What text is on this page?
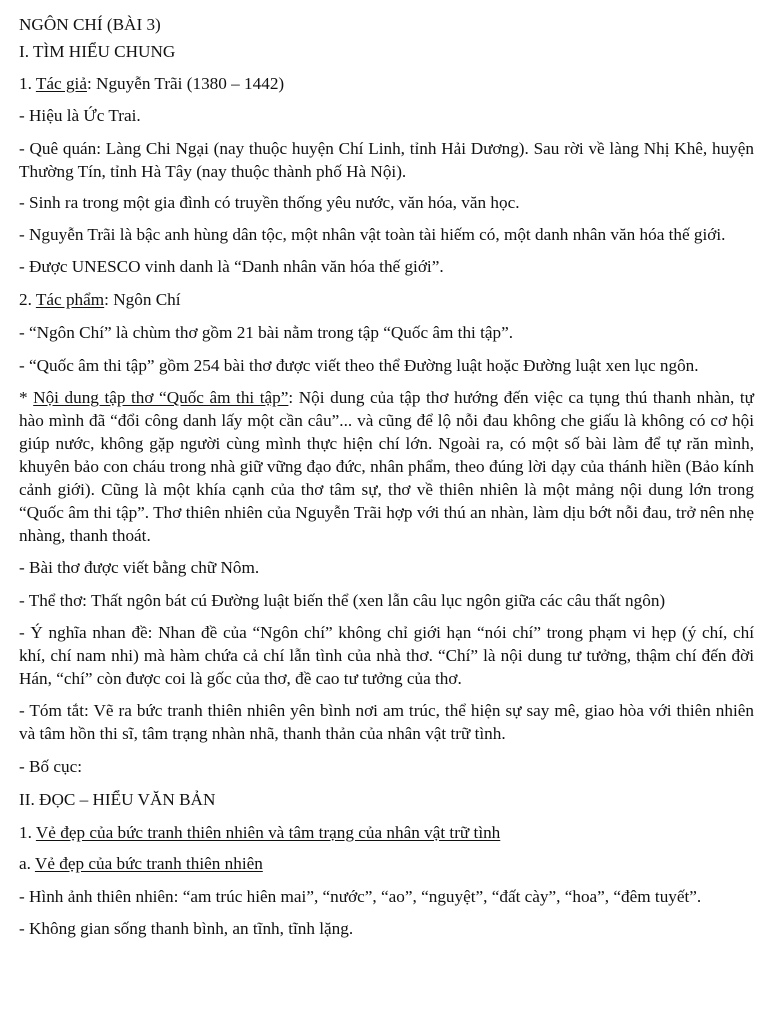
NGÔN CHÍ (BÀI 3)

I. TÌM HIỂU CHUNG

1. Tác giả: Nguyễn Trãi (1380 – 1442)

- Hiệu là Ức Trai.

- Quê quán: Làng Chi Ngại (nay thuộc huyện Chí Linh, tỉnh Hải Dương). Sau rời về làng Nhị Khê, huyện Thường Tín, tỉnh Hà Tây (nay thuộc thành phố Hà Nội).

- Sinh ra trong một gia đình có truyền thống yêu nước, văn hóa, văn học.

- Nguyễn Trãi là bậc anh hùng dân tộc, một nhân vật toàn tài hiếm có, một danh nhân văn hóa thế giới.

- Được UNESCO vinh danh là “Danh nhân văn hóa thế giới”.

2. Tác phẩm: Ngôn Chí

- “Ngôn Chí” là chùm thơ gồm 21 bài nằm trong tập “Quốc âm thi tập”.

- “Quốc âm thi tập” gồm 254 bài thơ được viết theo thể Đường luật hoặc Đường luật xen lục ngôn.

* Nội dung tập thơ “Quốc âm thi tập”: Nội dung của tập thơ hướng đến việc ca tụng thú thanh nhàn, tự hào mình đã “đổi công danh lấy một cần câu”... và cũng để lộ nỗi đau không che giấu là không có cơ hội giúp nước, không gặp người cùng mình thực hiện chí lớn. Ngoài ra, có một số bài làm để tự răn mình, khuyên bảo con cháu trong nhà giữ vững đạo đức, nhân phẩm, theo đúng lời dạy của thánh hiền (Bảo kính cảnh giới). Cũng là một khía cạnh của thơ tâm sự, thơ về thiên nhiên là một mảng nội dung lớn trong “Quốc âm thi tập”. Thơ thiên nhiên của Nguyễn Trãi hợp với thú an nhàn, làm dịu bớt nỗi đau, trở nên nhẹ nhàng, thanh thoát.

- Bài thơ được viết bằng chữ Nôm.

- Thể thơ: Thất ngôn bát cú Đường luật biến thể (xen lẫn câu lục ngôn giữa các câu thất ngôn)

- Ý nghĩa nhan đề: Nhan đề của “Ngôn chí” không chỉ giới hạn “nói chí” trong phạm vi hẹp (ý chí, chí khí, chí nam nhi) mà hàm chứa cả chí lẫn tình của nhà thơ. “Chí” là nội dung tư tưởng, thậm chí đến đời Hán, “chí” còn được coi là gốc của thơ, đề cao tư tưởng của thơ.

- Tóm tắt: Vẽ ra bức tranh thiên nhiên yên bình nơi am trúc, thể hiện sự say mê, giao hòa với thiên nhiên và tâm hồn thi sĩ, tâm trạng nhàn nhã, thanh thản của nhân vật trữ tình.

- Bố cục:

II. ĐỌC – HIỂU VĂN BẢN

1. Vẻ đẹp của bức tranh thiên nhiên và tâm trạng của nhân vật trữ tình

a. Vẻ đẹp của bức tranh thiên nhiên

- Hình ảnh thiên nhiên: “am trúc hiên mai”, “nước”, “ao”, “nguyệt”, “đất cày”, “hoa”, “đêm tuyết”.

- Không gian sống thanh bình, an tĩnh, tĩnh lặng.
